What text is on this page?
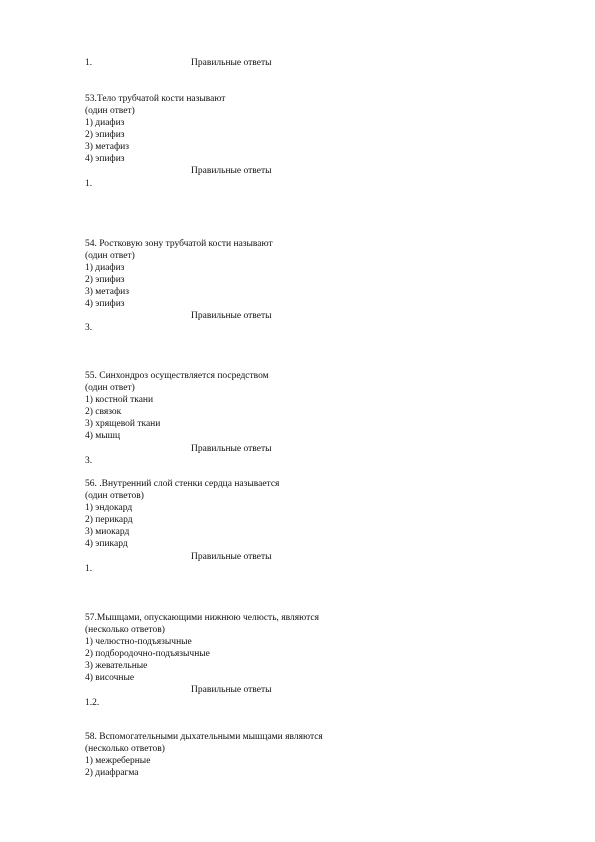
1.	Правильные ответы
53.Тело трубчатой кости называют
(один ответ)
1) диафиз
2) эпифиз
3) метафиз
4) эпифиз
Правильные ответы
1.
54. Ростковую зону трубчатой кости называют
(один ответ)
1) диафиз
2) эпифиз
3) метафиз
4) эпифиз
Правильные ответы
3.
55. Синхондроз осуществляется посредством
(один ответ)
1) костной ткани
2) связок
3) хрящевой ткани
4) мышц
Правильные ответы
3.
56. .Внутренний слой стенки сердца называется
(один ответов)
1) эндокард
2) перикард
3) миокард
4) эпикард
Правильные ответы
1.
57.Мышцами, опускающими нижнюю челюсть, являются
(несколько ответов)
1) челюстно-подъязычные
2) подбородочно-подъязычные
3) жевательные
4) височные
Правильные ответы
1.2.
58. Вспомогательными дыхательными мышцами являются
(несколько ответов)
1) межреберные
2) диафрагма
